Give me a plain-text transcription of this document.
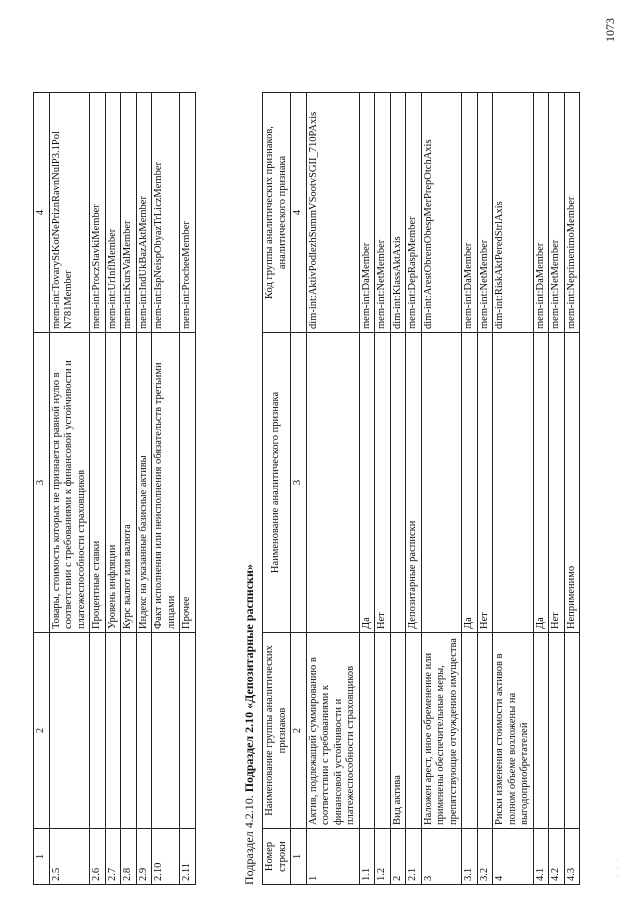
1	2	3	4
2.5		Товары, стоимость которых не признается равной нулю в соответствии с требованиями к финансовой устойчивости и платежеспособности страховщиков	mem-int:TovaryStKotNePriznRavnNulP3.1Pol N781Member
2.6		Процентные ставки	mem-int:ProczStavkiMember
2.7		Уровень инфляции	mem-int:UrInflMember
2.8		Курс валют или валюта	mem-int:KursValMember
2.9		Индекс на указанные базисные активы	mem-int:IndUkBazAktMember
2.10		Факт исполнения или неисполнения обязательств третьими лицами	mem-int:IspNeispObyazTrLiczMember
2.11		Прочее	mem-int:ProcheeMember
Подраздел 4.2.10. Подраздел 2.10 «Депозитарные расписки»
Номер строки	Наименование группы аналитических признаков	Наименование аналитического признака	Код группы аналитических признаков, аналитического признака
1	2	3	4
1	Актив, подлежащий суммированию в соответствии с требованиями к финансовой устойчивости и платежеспособности страховщиков		dim-int:AktivPodlezhSummVSootvSGII_710PAxis
1.1		Да	mem-int:DaMember
1.2		Нет	mem-int:NetMember
2	Вид актива		dim-int:KlassAktAxis
2.1		Депозитарные расписки	mem-int:DepRaspMember
3	Наложен арест, иное обременение или применены обеспечительные меры, препятствующие отчуждению имущества		dim-int:ArestObremObespMerPrepOtchAxis
3.1		Да	mem-int:DaMember
3.2		Нет	mem-int:NetMember
4	Риски изменения стоимости активов в полном объеме возложены на выгодоприобретателей		dim-int:RiskAktPeredStrlAxis
4.1		Да	mem-int:DaMember
4.2		Нет	mem-int:NetMember
4.3		Неприменимо	mem-int:NeprimenimoMember
1073
· · ·
